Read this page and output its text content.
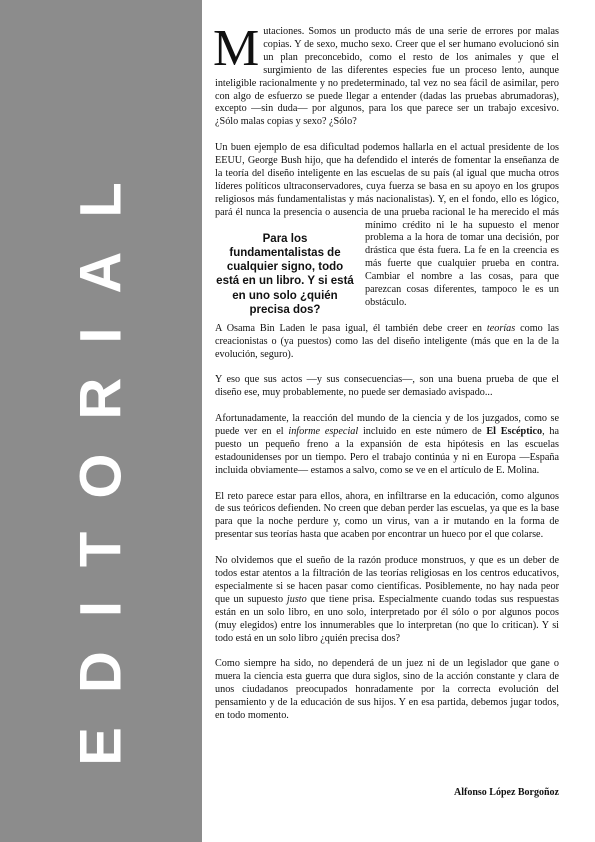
EDITORIAL

Mutaciones. Somos un producto más de una serie de errores por malas copias. Y de sexo, mucho sexo. Creer que el ser humano evolucionó sin un plan preconcebido, como el resto de los animales y que el surgimiento de las diferentes especies fue un proceso lento, aunque inteligible racionalmente y no predeterminado, tal vez no sea fácil de asimilar, pero con algo de esfuerzo se puede llegar a entender (dadas las pruebas abrumadoras), excepto —sin duda— por algunos, para los que parece ser un trabajo excesivo. ¿Sólo malas copias y sexo? ¿Sólo?

Un buen ejemplo de esa dificultad podemos hallarla en el actual presidente de los EEUU, George Bush hijo, que ha defendido el interés de fomentar la enseñanza de la teoría del diseño inteligente en las escuelas de su país (al igual que mucha otros líderes políticos ultraconservadores, cuya fuerza se basa en su apoyo en los grupos religiosos más fundamentalistas y más nacionalistas). Y, en el fondo, ello es lógico, pará él nunca la presencia o ausencia de una prueba racional le ha merecido el más mínimo crédito ni le ha supuesto el menor
Para los fundamentalistas de cualquier signo, todo está en un libro. Y si está en uno solo ¿quién precisa dos?
problema a la hora de tomar una decisión, por drástica que ésta fuera. La fe en la creencia es más fuerte que cualquier prueba en contra. Cambiar el nombre a las cosas, para que parezcan cosas diferentes, tampoco le es un obstáculo.

A Osama Bin Laden le pasa igual, él también debe creer en teorías como las creacionistas o (ya puestos) como las del diseño inteligente (más que en la de la evolución, seguro).

Y eso que sus actos —y sus consecuencias—, son una buena prueba de que el diseño ese, muy probablemente, no puede ser demasiado avispado...

Afortunadamente, la reacción del mundo de la ciencia y de los juzgados, como se puede ver en el informe especial incluido en este número de El Escéptico, ha puesto un pequeño freno a la expansión de esta hipótesis en las escuelas estadounidenses por un tiempo. Pero el trabajo continúa y ni en Europa —España incluida obviamente— estamos a salvo, como se ve en el artículo de E. Molina.

El reto parece estar para ellos, ahora, en infiltrarse en la educación, como algunos de sus teóricos defienden. No creen que deban perder las escuelas, ya que es la base para que la noche perdure y, como un virus, van a ir mutando en la forma de presentar sus teorías hasta que acaben por encontrar un hueco por el que colarse.

No olvidemos que el sueño de la razón produce monstruos, y que es un deber de todos estar atentos a la filtración de las teorías religiosas en los centros educativos, especialmente si se hacen pasar como científicas. Posiblemente, no hay nada peor que un supuesto justo que tiene prisa. Especialmente cuando todas sus respuestas están en un solo libro, en uno solo, interpretado por él sólo o por algunos pocos (muy elegidos) entre los innumerables que lo interpretan (no que lo critican). Y si todo está en un solo libro ¿quién precisa dos?

Como siempre ha sido, no dependerá de un juez ni de un legislador que gane o muera la ciencia esta guerra que dura siglos, sino de la acción constante y clara de unos ciudadanos preocupados honradamente por la correcta evolución del pensamiento y de la educación de sus hijos. Y en esa partida, debemos jugar todos, en todo momento.

Alfonso López Borgoñoz
